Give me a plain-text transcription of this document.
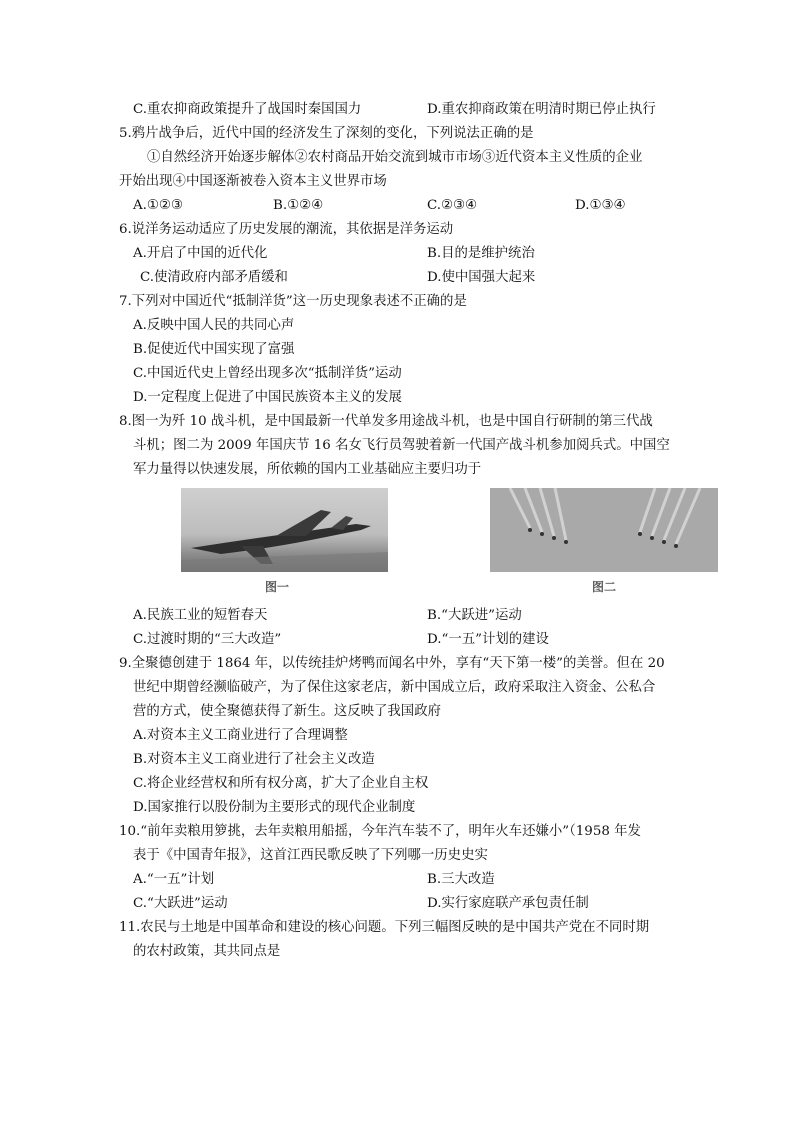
C.重农抑商政策提升了战国时秦国国力	D.重农抑商政策在明清时期已停止执行
5.鸦片战争后，近代中国的经济发生了深刻的变化，下列说法正确的是
①自然经济开始逐步解体②农村商品开始交流到城市市场③近代资本主义性质的企业
开始出现④中国逐渐被卷入资本主义世界市场
A.①②③	B.①②④	C.②③④	D.①③④
6.说洋务运动适应了历史发展的潮流，其依据是洋务运动
A.开启了中国的近代化	B.目的是维护统治
C.使清政府内部矛盾缓和	D.使中国强大起来
7.下列对中国近代“抵制洋货”这一历史现象表述不正确的是
A.反映中国人民的共同心声
B.促使近代中国实现了富强
C.中国近代史上曾经出现多次“抵制洋货”运动
D.一定程度上促进了中国民族资本主义的发展
8.图一为歼 10 战斗机，是中国最新一代单发多用途战斗机，也是中国自行研制的第三代战
斗机；图二为 2009 年国庆节 16 名女飞行员驾驶着新一代国产战斗机参加阅兵式。中国空
军力量得以快速发展，所依赖的国内工业基础应主要归功于
图一	图二
A.民族工业的短暂春天	B.“大跃进”运动
C.过渡时期的“三大改造”	D.“一五”计划的建设
9.全聚德创建于 1864 年，以传统挂炉烤鸭而闻名中外，享有“天下第一楼”的美誉。但在 20
世纪中期曾经濒临破产，为了保住这家老店，新中国成立后，政府采取注入资金、公私合
营的方式，使全聚德获得了新生。这反映了我国政府
A.对资本主义工商业进行了合理调整
B.对资本主义工商业进行了社会主义改造
C.将企业经营权和所有权分离，扩大了企业自主权
D.国家推行以股份制为主要形式的现代企业制度
10.“前年卖粮用箩挑，去年卖粮用船摇，今年汽车装不了，明年火车还嫌小”（1958 年发
表于《中国青年报》，这首江西民歌反映了下列哪一历史史实
A.“一五”计划	B.三大改造
C.“大跃进”运动	D.实行家庭联产承包责任制
11.农民与土地是中国革命和建设的核心问题。下列三幅图反映的是中国共产党在不同时期
的农村政策，其共同点是
